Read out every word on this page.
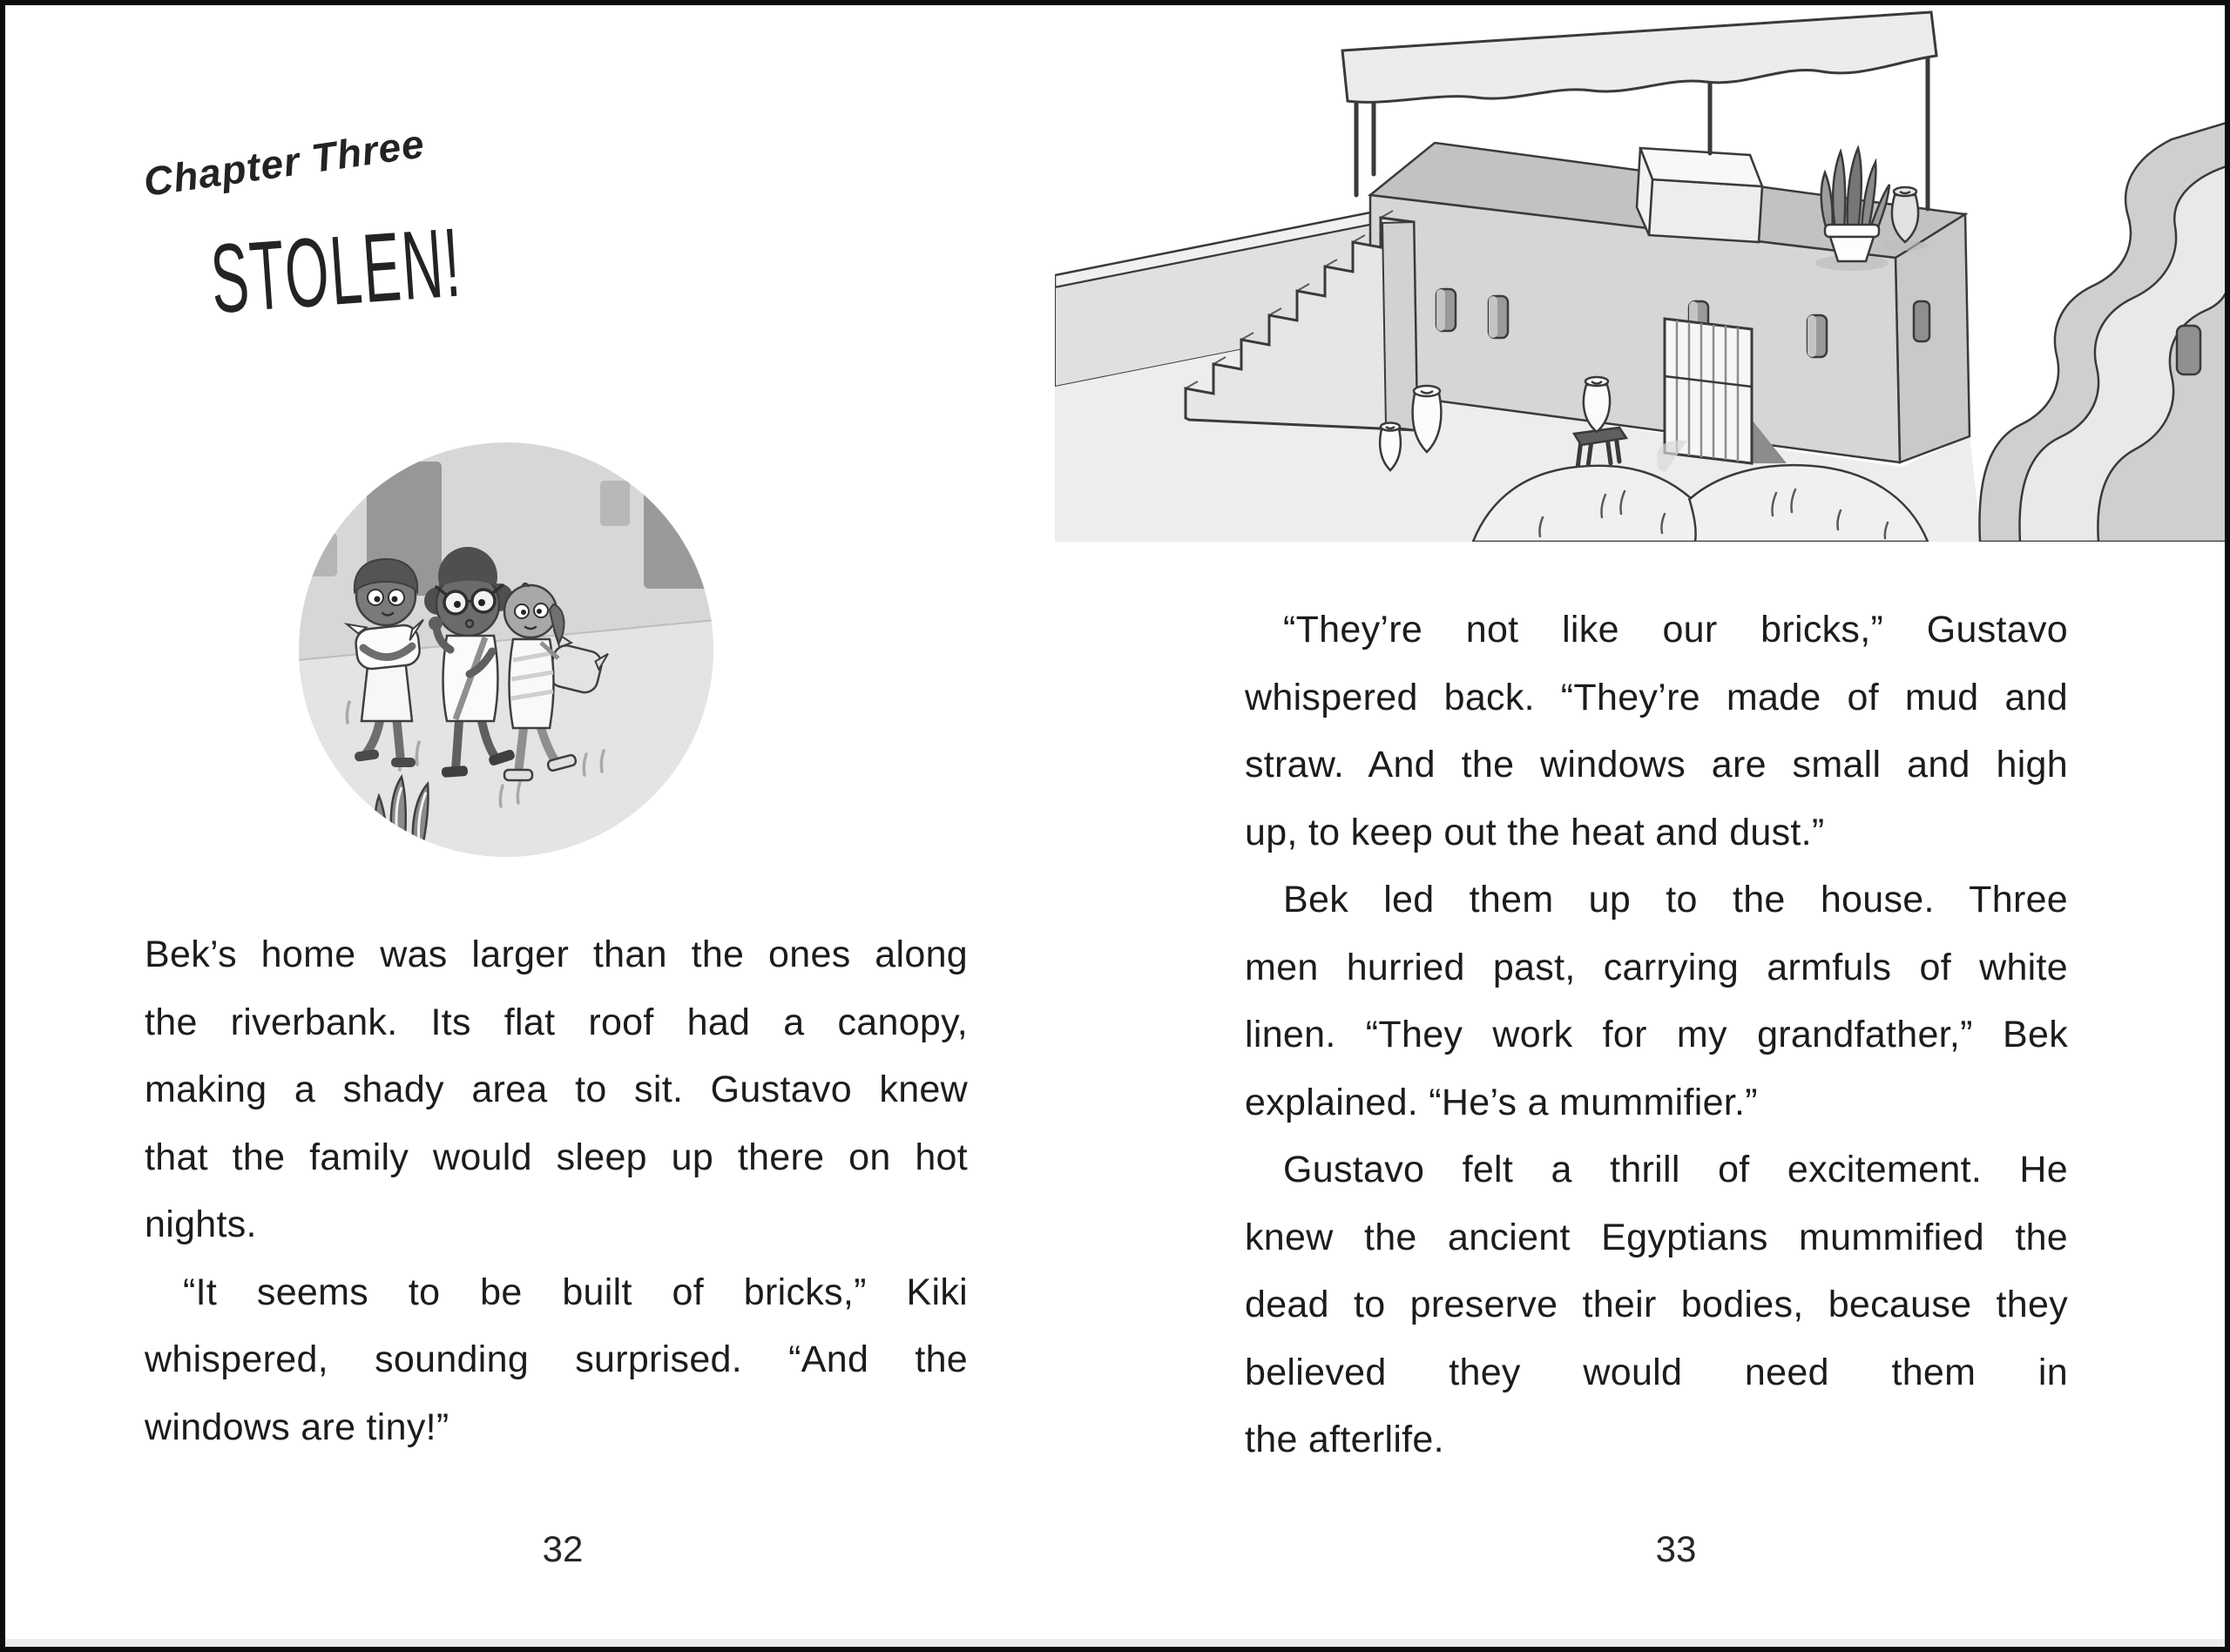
Chapter Three
STOLEN!
Bek’s home was larger than the ones along
the riverbank. Its flat roof had a canopy,
making a shady area to sit. Gustavo knew
that the family would sleep up there on hot
nights.
“It seems to be built of bricks,” Kiki
whispered, sounding surprised. “And the
windows are tiny!”
32
“They’re not like our bricks,” Gustavo
whispered back. “They’re made of mud and
straw. And the windows are small and high
up, to keep out the heat and dust.”
Bek led them up to the house. Three
men hurried past, carrying armfuls of white
linen. “They work for my grandfather,” Bek
explained. “He’s a mummifier.”
Gustavo felt a thrill of excitement. He
knew the ancient Egyptians mummified the
dead to preserve their bodies, because they
believed they would need them in
the afterlife.
33
